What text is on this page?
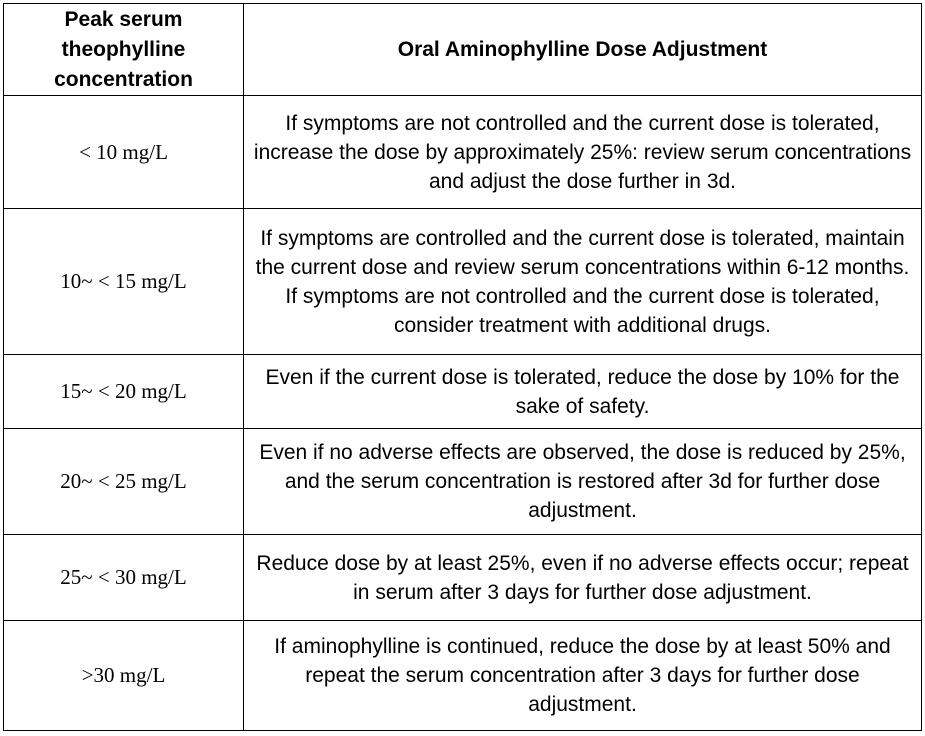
Peak serum theophylline concentration	Oral Aminophylline Dose Adjustment
< 10 mg/L	If symptoms are not controlled and the current dose is tolerated, increase the dose by approximately 25%: review serum concentrations and adjust the dose further in 3d.
10~ < 15 mg/L	If symptoms are controlled and the current dose is tolerated, maintain the current dose and review serum concentrations within 6-12 months. If symptoms are not controlled and the current dose is tolerated, consider treatment with additional drugs.
15~ < 20 mg/L	Even if the current dose is tolerated, reduce the dose by 10% for the sake of safety.
20~ < 25 mg/L	Even if no adverse effects are observed, the dose is reduced by 25%, and the serum concentration is restored after 3d for further dose adjustment.
25~ < 30 mg/L	Reduce dose by at least 25%, even if no adverse effects occur; repeat in serum after 3 days for further dose adjustment.
>30 mg/L	If aminophylline is continued, reduce the dose by at least 50% and repeat the serum concentration after 3 days for further dose adjustment.
